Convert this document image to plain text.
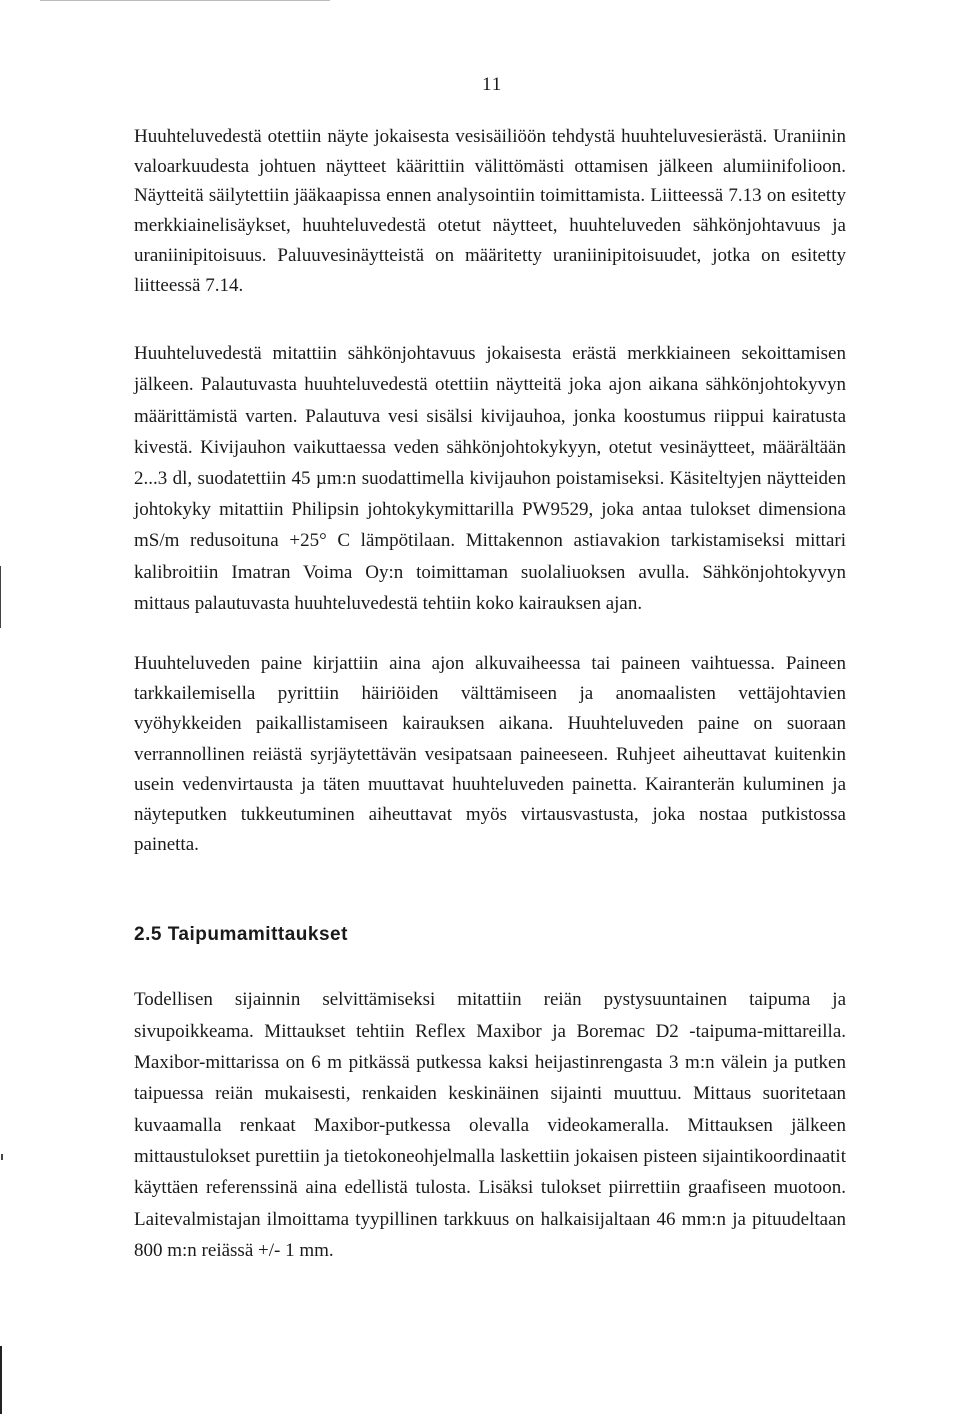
11

Huuhteluvedestä otettiin näyte jokaisesta vesisäiliöön tehdystä huuhteluvesierästä. Uraniinin valoarkuudesta johtuen näytteet käärittiin välittömästi ottamisen jälkeen alumiinifolioon. Näytteitä säilytettiin jääkaapissa ennen analysointiin toimittamista. Liitteessä 7.13 on esitetty merkkiainelisäykset, huuhteluvedestä otetut näytteet, huuhteluveden sähkönjohtavuus ja uraniinipitoisuus. Paluuvesinäytteistä on määritetty uraniinipitoisuudet, jotka on esitetty liitteessä 7.14.

Huuhteluvedestä mitattiin sähkönjohtavuus jokaisesta erästä merkkiaineen sekoittamisen jälkeen. Palautuvasta huuhteluvedestä otettiin näytteitä joka ajon aikana sähkönjohtokyvyn määrittämistä varten. Palautuva vesi sisälsi kivijauhoa, jonka koostumus riippui kairatusta kivestä. Kivijauhon vaikuttaessa veden sähkönjohtokykyyn, otetut vesinäytteet, määrältään 2...3 dl, suodatettiin 45 µm:n suodattimella kivijauhon poistamiseksi. Käsiteltyjen näytteiden johtokyky mitattiin Philipsin johtokykymittarilla PW9529, joka antaa tulokset dimensiona mS/m redusoituna +25° C lämpötilaan. Mittakennon astiavakion tarkistamiseksi mittari kalibroitiin Imatran Voima Oy:n toimittaman suolaliuoksen avulla. Sähkönjohtokyvyn mittaus palautuvasta huuhteluvedestä tehtiin koko kairauksen ajan.

Huuhteluveden paine kirjattiin aina ajon alkuvaiheessa tai paineen vaihtuessa. Paineen tarkkailemisella pyrittiin häiriöiden välttämiseen ja anomaalisten vettäjohtavien vyöhykkeiden paikallistamiseen kairauksen aikana. Huuhteluveden paine on suoraan verrannollinen reiästä syrjäytettävän vesipatsaan paineeseen. Ruhjeet aiheuttavat kuitenkin usein vedenvirtausta ja täten muuttavat huuhteluveden painetta. Kairanterän kuluminen ja näyteputken tukkeutuminen aiheuttavat myös virtausvastusta, joka nostaa putkistossa painetta.

2.5 Taipumamittaukset

Todellisen sijainnin selvittämiseksi mitattiin reiän pystysuuntainen taipuma ja sivupoikkeama. Mittaukset tehtiin Reflex Maxibor ja Boremac D2 -taipuma-mittareilla. Maxibor-mittarissa on 6 m pitkässä putkessa kaksi heijastinrengasta 3 m:n välein ja putken taipuessa reiän mukaisesti, renkaiden keskinäinen sijainti muuttuu. Mittaus suoritetaan kuvaamalla renkaat Maxibor-putkessa olevalla videokameralla. Mittauksen jälkeen mittaustulokset purettiin ja tietokoneohjelmalla laskettiin jokaisen pisteen sijaintikoordinaatit käyttäen referenssinä aina edellistä tulosta. Lisäksi tulokset piirrettiin graafiseen muotoon. Laitevalmistajan ilmoittama tyypillinen tarkkuus on halkaisijaltaan 46 mm:n ja pituudeltaan 800 m:n reiässä +/- 1 mm.
